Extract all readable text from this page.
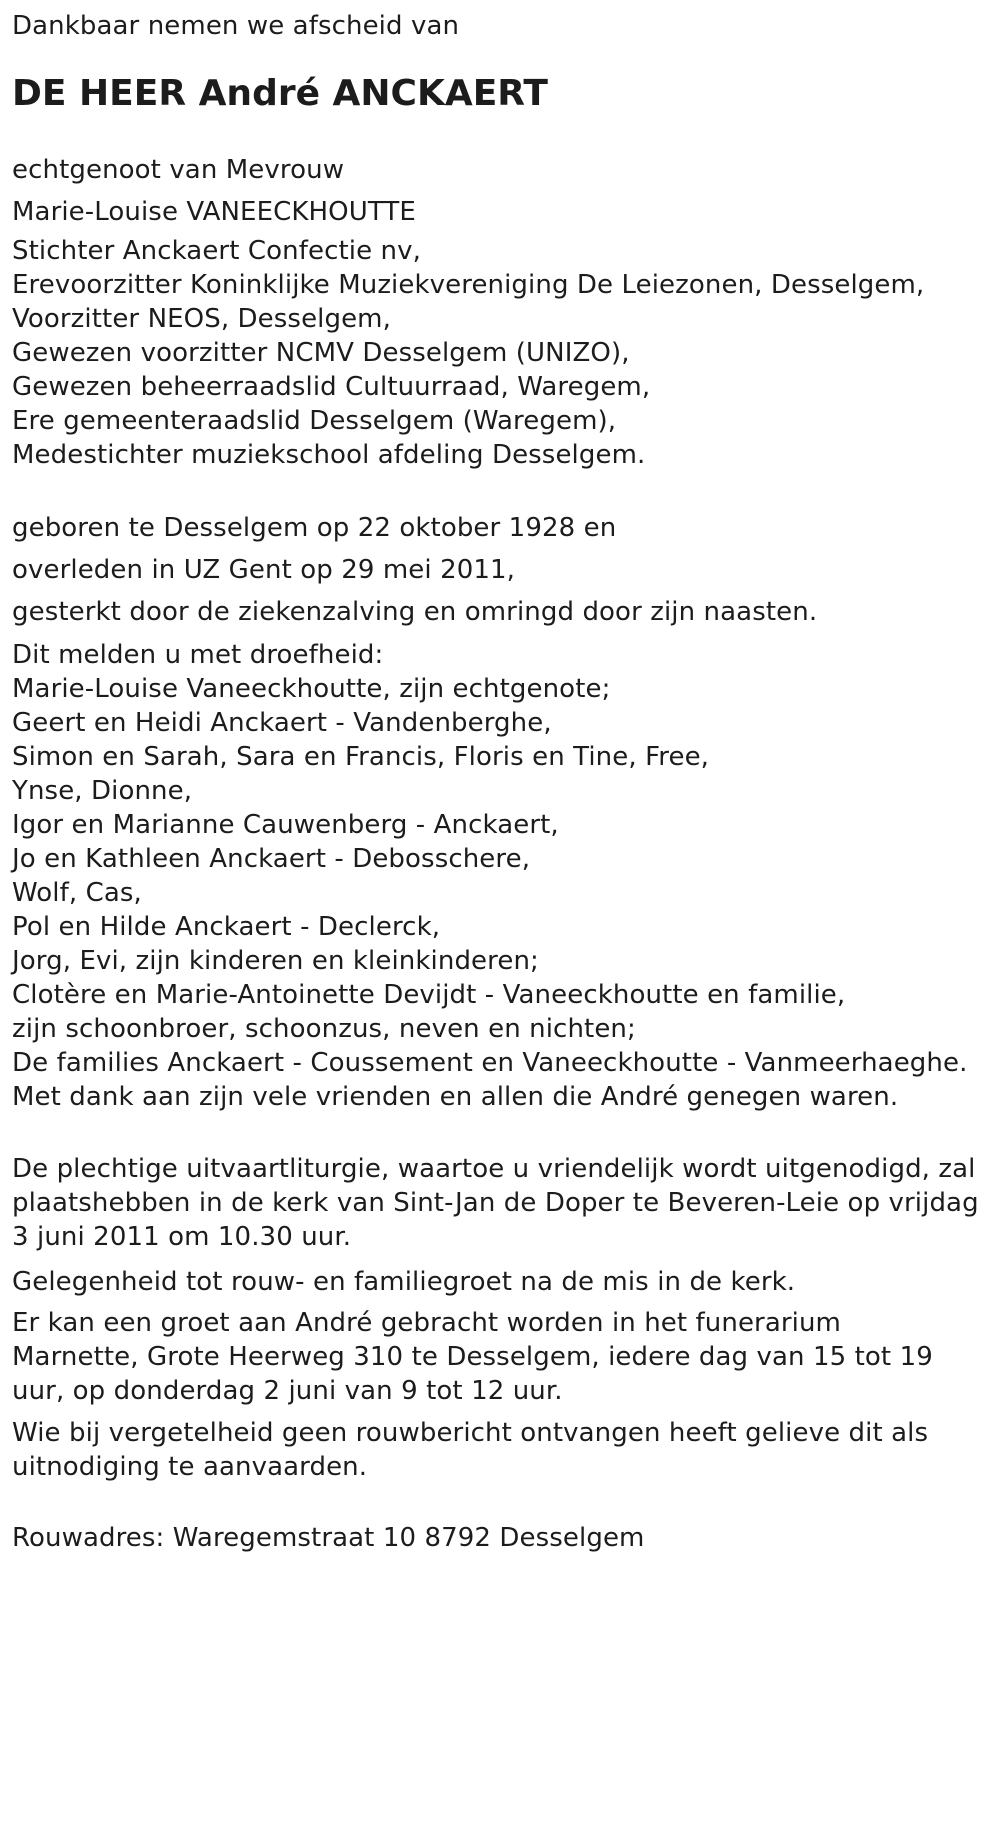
Dankbaar nemen we afscheid van
DE HEER André ANCKAERT
echtgenoot van Mevrouw
Marie-Louise VANEECKHOUTTE
Stichter Anckaert Confectie nv,
Erevoorzitter Koninklijke Muziekvereniging De Leiezonen, Desselgem,
Voorzitter NEOS, Desselgem,
Gewezen voorzitter NCMV Desselgem (UNIZO),
Gewezen beheerraadslid Cultuurraad, Waregem,
Ere gemeenteraadslid Desselgem (Waregem),
Medestichter muziekschool afdeling Desselgem.
geboren te Desselgem op 22 oktober 1928 en
overleden in UZ Gent op 29 mei 2011,
gesterkt door de ziekenzalving en omringd door zijn naasten.
Dit melden u met droefheid:
Marie-Louise Vaneeckhoutte, zijn echtgenote;
Geert en Heidi Anckaert - Vandenberghe,
Simon en Sarah, Sara en Francis, Floris en Tine, Free,
Ynse, Dionne,
Igor en Marianne Cauwenberg - Anckaert,
Jo en Kathleen Anckaert - Debosschere,
Wolf, Cas,
Pol en Hilde Anckaert - Declerck,
Jorg, Evi, zijn kinderen en kleinkinderen;
Clotère en Marie-Antoinette Devijdt - Vaneeckhoutte en familie,
zijn schoonbroer, schoonzus, neven en nichten;
De families Anckaert - Coussement en Vaneeckhoutte - Vanmeerhaeghe.
Met dank aan zijn vele vrienden en allen die André genegen waren.
De plechtige uitvaartliturgie, waartoe u vriendelijk wordt uitgenodigd, zal
plaatshebben in de kerk van Sint-Jan de Doper te Beveren-Leie op vrijdag
3 juni 2011 om 10.30 uur.
Gelegenheid tot rouw- en familiegroet na de mis in de kerk.
Er kan een groet aan André gebracht worden in het funerarium
Marnette, Grote Heerweg 310 te Desselgem, iedere dag van 15 tot 19
uur, op donderdag 2 juni van 9 tot 12 uur.
Wie bij vergetelheid geen rouwbericht ontvangen heeft gelieve dit als
uitnodiging te aanvaarden.
Rouwadres: Waregemstraat 10 8792 Desselgem
